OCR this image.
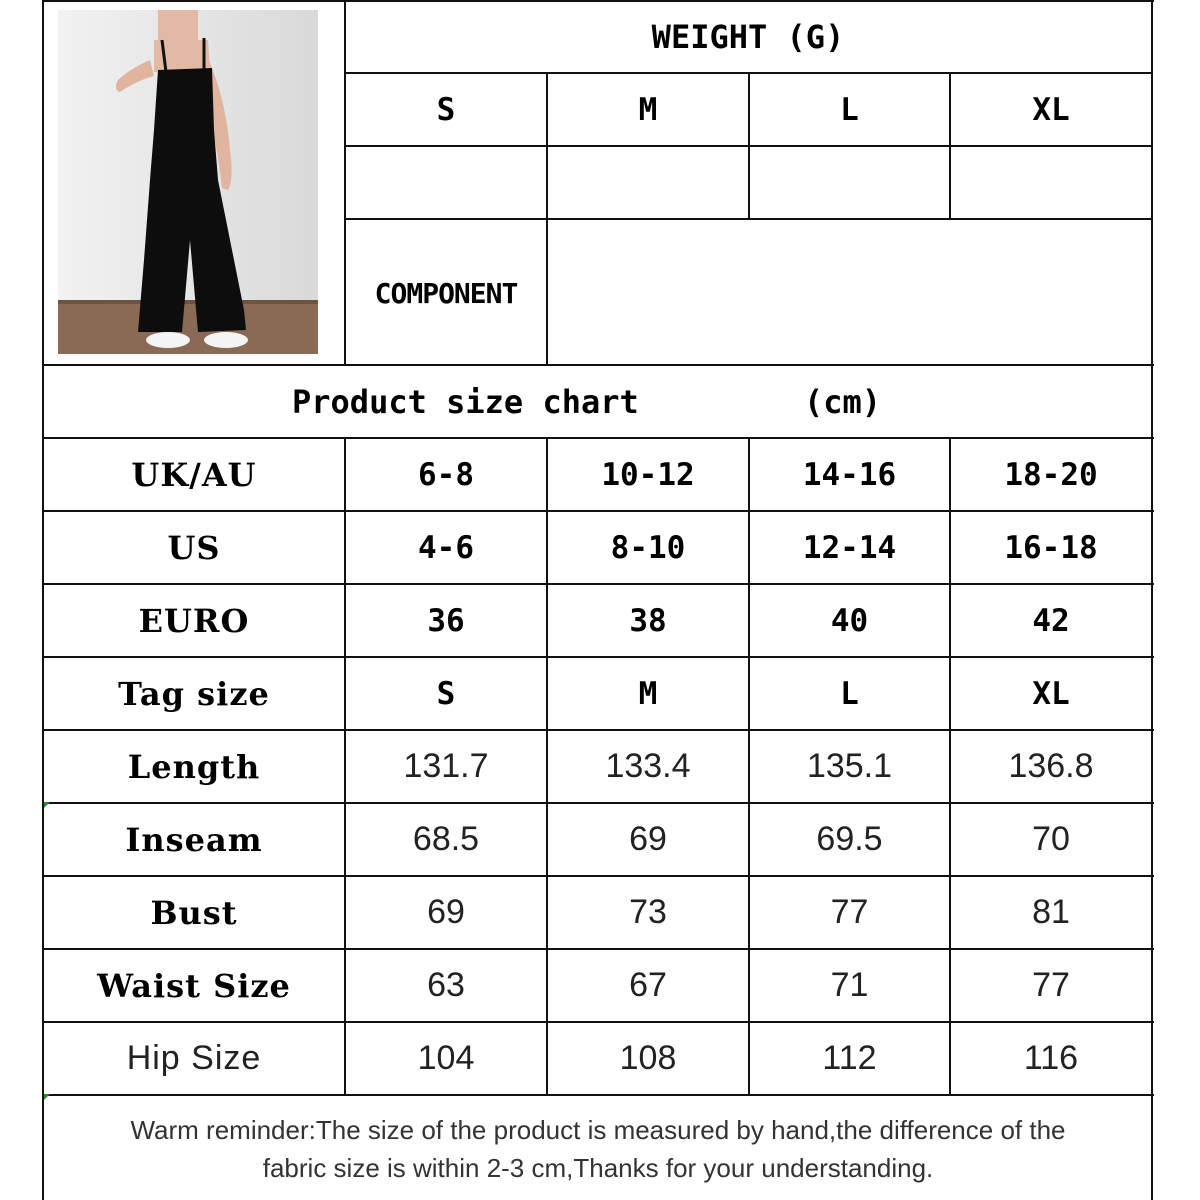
WEIGHT (G)
S	M	L	XL
COMPONENT
Product size chart	(cm)
UK/AU	6-8	10-12	14-16	18-20
US	4-6	8-10	12-14	16-18
EURO	36	38	40	42
Tag size	S	M	L	XL
Length	131.7	133.4	135.1	136.8
Inseam	68.5	69	69.5	70
Bust	69	73	77	81
Waist Size	63	67	71	77
Hip Size	104	108	112	116
Warm reminder:The size of the product is measured by hand,the difference of the
fabric size is within 2-3 cm,Thanks for your understanding.
